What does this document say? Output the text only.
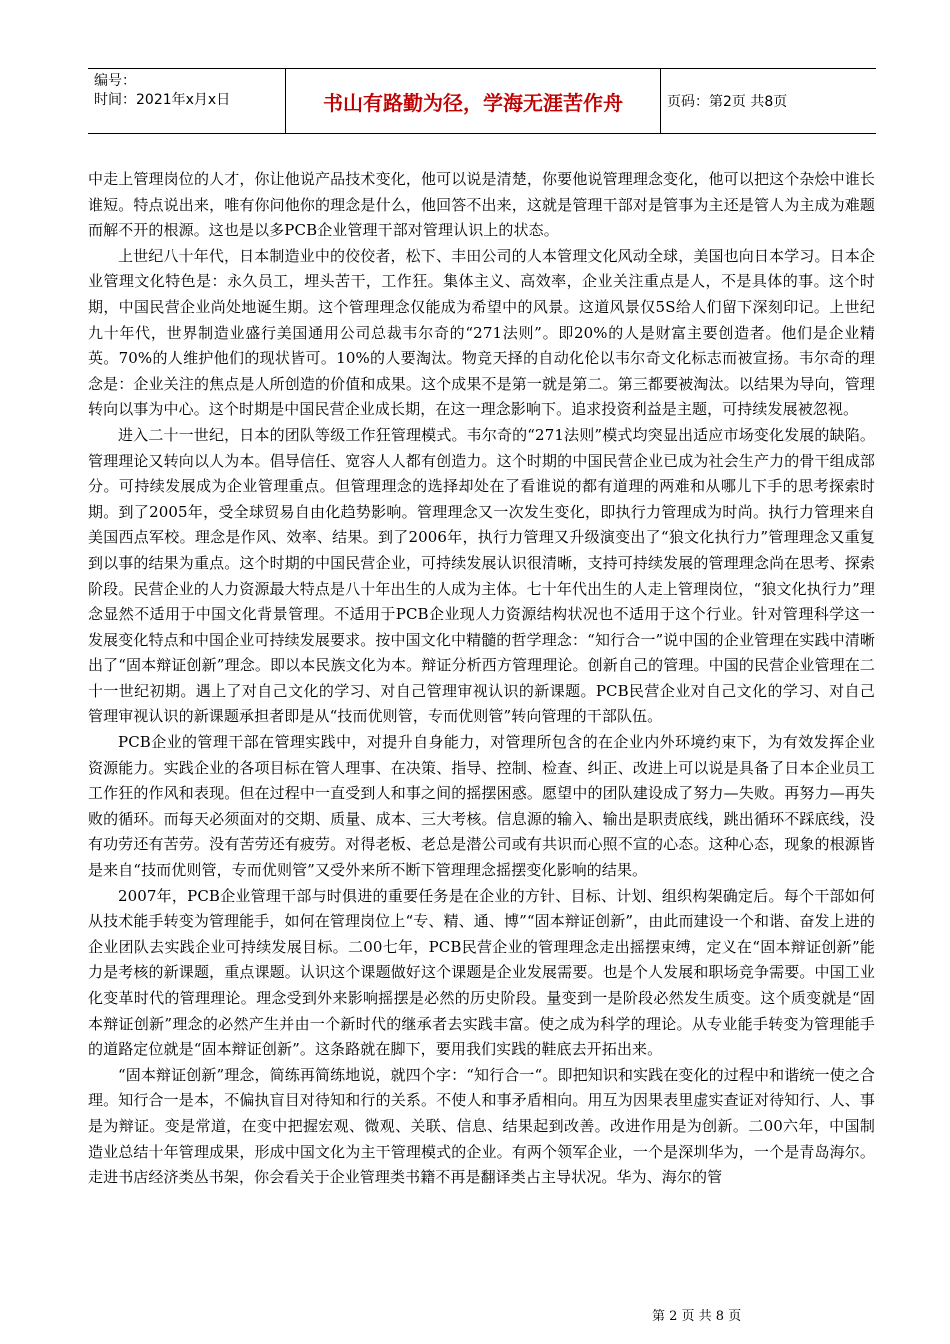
编号：
时间：2021年x月x日	书山有路勤为径，学海无涯苦作舟	页码：第2页 共8页

中走上管理岗位的人才，你让他说产品技术变化，他可以说是清楚，你要他说管理理念变化，他可以把这个杂烩中谁长谁短。特点说出来，唯有你问他你的理念是什么，他回答不出来，这就是管理干部对是管事为主还是管人为主成为难题而解不开的根源。这也是以多PCB企业管理干部对管理认识上的状态。

上世纪八十年代，日本制造业中的佼佼者，松下、丰田公司的人本管理文化风动全球，美国也向日本学习。日本企业管理文化特色是：永久员工，埋头苦干，工作狂。集体主义、高效率，企业关注重点是人，不是具体的事。这个时期，中国民营企业尚处地诞生期。这个管理理念仅能成为希望中的风景。这道风景仅5S给人们留下深刻印记。上世纪九十年代，世界制造业盛行美国通用公司总裁韦尔奇的“271法则”。即20%的人是财富主要创造者。他们是企业精英。70%的人维护他们的现状皆可。10%的人要淘汰。物竞天择的自动化伦以韦尔奇文化标志而被宣扬。韦尔奇的理念是：企业关注的焦点是人所创造的价值和成果。这个成果不是第一就是第二。第三都要被淘汰。以结果为导向，管理转向以事为中心。这个时期是中国民营企业成长期，在这一理念影响下。追求投资利益是主题，可持续发展被忽视。

进入二十一世纪，日本的团队等级工作狂管理模式。韦尔奇的“271法则”模式均突显出适应市场变化发展的缺陷。管理理论又转向以人为本。倡导信任、宽容人人都有创造力。这个时期的中国民营企业已成为社会生产力的骨干组成部分。可持续发展成为企业管理重点。但管理理念的选择却处在了看谁说的都有道理的两难和从哪儿下手的思考探索时期。到了2005年，受全球贸易自由化趋势影响。管理理念又一次发生变化，即执行力管理成为时尚。执行力管理来自美国西点军校。理念是作风、效率、结果。到了2006年，执行力管理又升级演变出了“狼文化执行力”管理理念又重复到以事的结果为重点。这个时期的中国民营企业，可持续发展认识很清晰，支持可持续发展的管理理念尚在思考、探索阶段。民营企业的人力资源最大特点是八十年出生的人成为主体。七十年代出生的人走上管理岗位，“狼文化执行力”理念显然不适用于中国文化背景管理。不适用于PCB企业现人力资源结构状况也不适用于这个行业。针对管理科学这一发展变化特点和中国企业可持续发展要求。按中国文化中精髓的哲学理念：“知行合一”说中国的企业管理在实践中清晰出了“固本辩证创新”理念。即以本民族文化为本。辩证分析西方管理理论。创新自己的管理。中国的民营企业管理在二十一世纪初期。遇上了对自己文化的学习、对自己管理审视认识的新课题。PCB民营企业对自己文化的学习、对自己管理审视认识的新课题承担者即是从“技而优则管，专而优则管”转向管理的干部队伍。

PCB企业的管理干部在管理实践中，对提升自身能力，对管理所包含的在企业内外环境约束下，为有效发挥企业资源能力。实践企业的各项目标在管人理事、在决策、指导、控制、检查、纠正、改进上可以说是具备了日本企业员工工作狂的作风和表现。但在过程中一直受到人和事之间的摇摆困惑。愿望中的团队建设成了努力—失败。再努力—再失败的循环。而每天必须面对的交期、质量、成本、三大考核。信息源的输入、输出是职责底线，跳出循环不踩底线，没有功劳还有苦劳。没有苦劳还有疲劳。对得老板、老总是潜公司或有共识而心照不宣的心态。这种心态，现象的根源皆是来自“技而优则管，专而优则管”又受外来所不断下管理理念摇摆变化影响的结果。

2007年，PCB企业管理干部与时俱进的重要任务是在企业的方针、目标、计划、组织构架确定后。每个干部如何从技术能手转变为管理能手，如何在管理岗位上“专、精、通、博”“固本辩证创新”，由此而建设一个和谐、奋发上进的企业团队去实践企业可持续发展目标。二00七年，PCB民营企业的管理理念走出摇摆束缚，定义在“固本辩证创新”能力是考核的新课题，重点课题。认识这个课题做好这个课题是企业发展需要。也是个人发展和职场竞争需要。中国工业化变革时代的管理理论。理念受到外来影响摇摆是必然的历史阶段。量变到一是阶段必然发生质变。这个质变就是“固本辩证创新”理念的必然产生并由一个新时代的继承者去实践丰富。使之成为科学的理论。从专业能手转变为管理能手的道路定位就是“固本辩证创新”。这条路就在脚下，要用我们实践的鞋底去开拓出来。

“固本辩证创新”理念，简练再简练地说，就四个字：“知行合一“。即把知识和实践在变化的过程中和谐统一使之合理。知行合一是本，不偏执盲目对待知和行的关系。不使人和事矛盾相向。用互为因果表里虚实查证对待知行、人、事是为辩证。变是常道，在变中把握宏观、微观、关联、信息、结果起到改善。改进作用是为创新。二00六年，中国制造业总结十年管理成果，形成中国文化为主干管理模式的企业。有两个领军企业，一个是深圳华为，一个是青岛海尔。走进书店经济类丛书架，你会看关于企业管理类书籍不再是翻译类占主导状况。华为、海尔的管

第 2 页 共 8 页
